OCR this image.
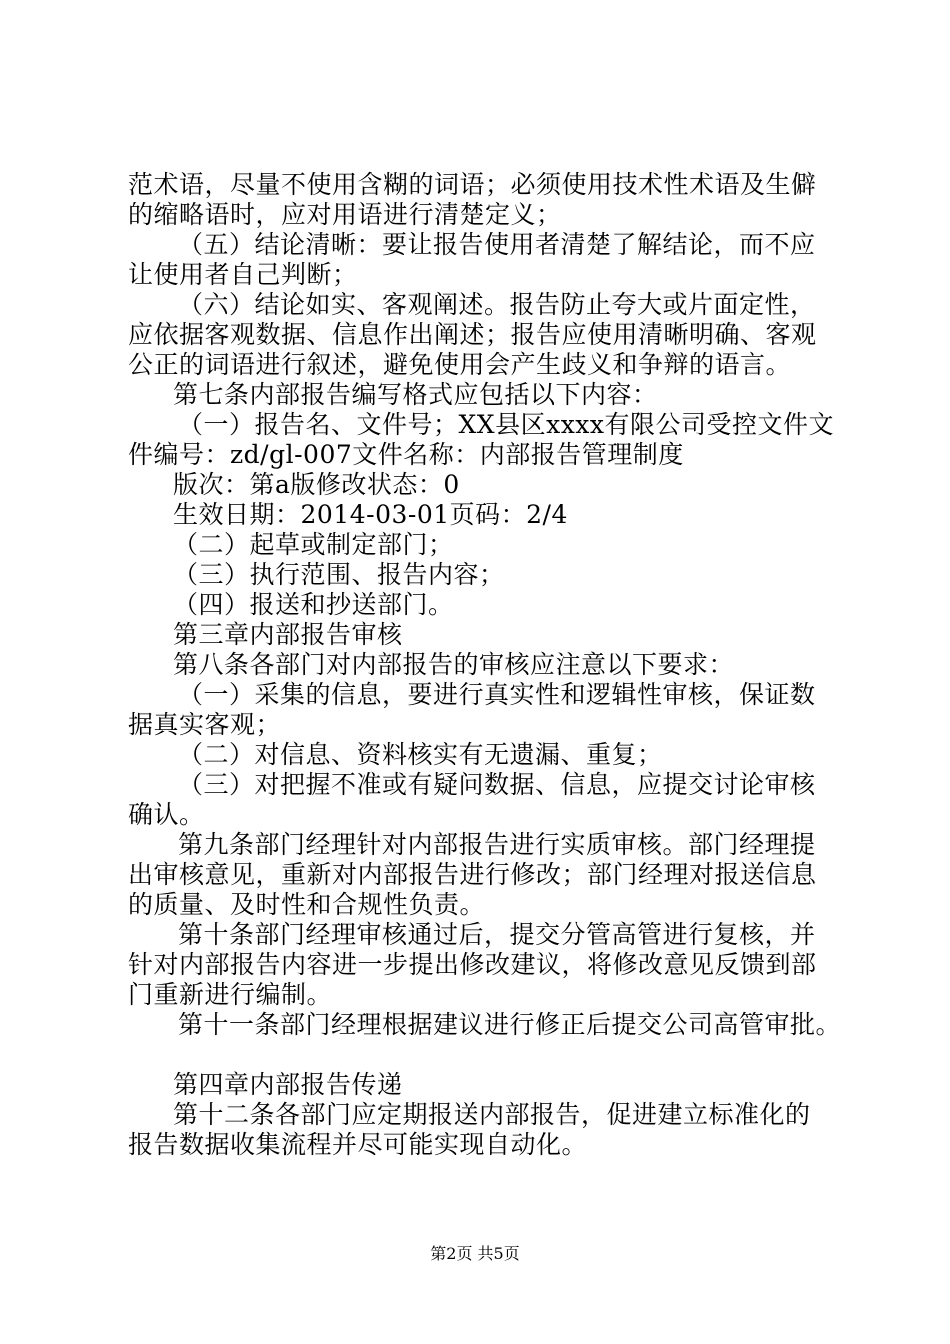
范术语，尽量不使用含糊的词语；必须使用技术性术语及生僻
的缩略语时，应对用语进行清楚定义；
（五）结论清晰：要让报告使用者清楚了解结论，而不应
让使用者自己判断；
（六）结论如实、客观阐述。报告防止夸大或片面定性，
应依据客观数据、信息作出阐述；报告应使用清晰明确、客观
公正的词语进行叙述，避免使用会产生歧义和争辩的语言。
第七条内部报告编写格式应包括以下内容：
（一）报告名、文件号；XX县区xxxx有限公司受控文件文
件编号：zd/gl-007文件名称：内部报告管理制度
版次：第a版修改状态：0
生效日期：2014-03-01页码：2/4
（二）起草或制定部门；
（三）执行范围、报告内容；
（四）报送和抄送部门。
第三章内部报告审核
第八条各部门对内部报告的审核应注意以下要求：
（一）采集的信息，要进行真实性和逻辑性审核，保证数
据真实客观；
（二）对信息、资料核实有无遗漏、重复；
（三）对把握不准或有疑问数据、信息，应提交讨论审核
确认。
第九条部门经理针对内部报告进行实质审核。部门经理提
出审核意见，重新对内部报告进行修改；部门经理对报送信息
的质量、及时性和合规性负责。
第十条部门经理审核通过后，提交分管高管进行复核，并
针对内部报告内容进一步提出修改建议，将修改意见反馈到部
门重新进行编制。
第十一条部门经理根据建议进行修正后提交公司高管审批。
第四章内部报告传递
第十二条各部门应定期报送内部报告，促进建立标准化的
报告数据收集流程并尽可能实现自动化。
第2页 共5页
